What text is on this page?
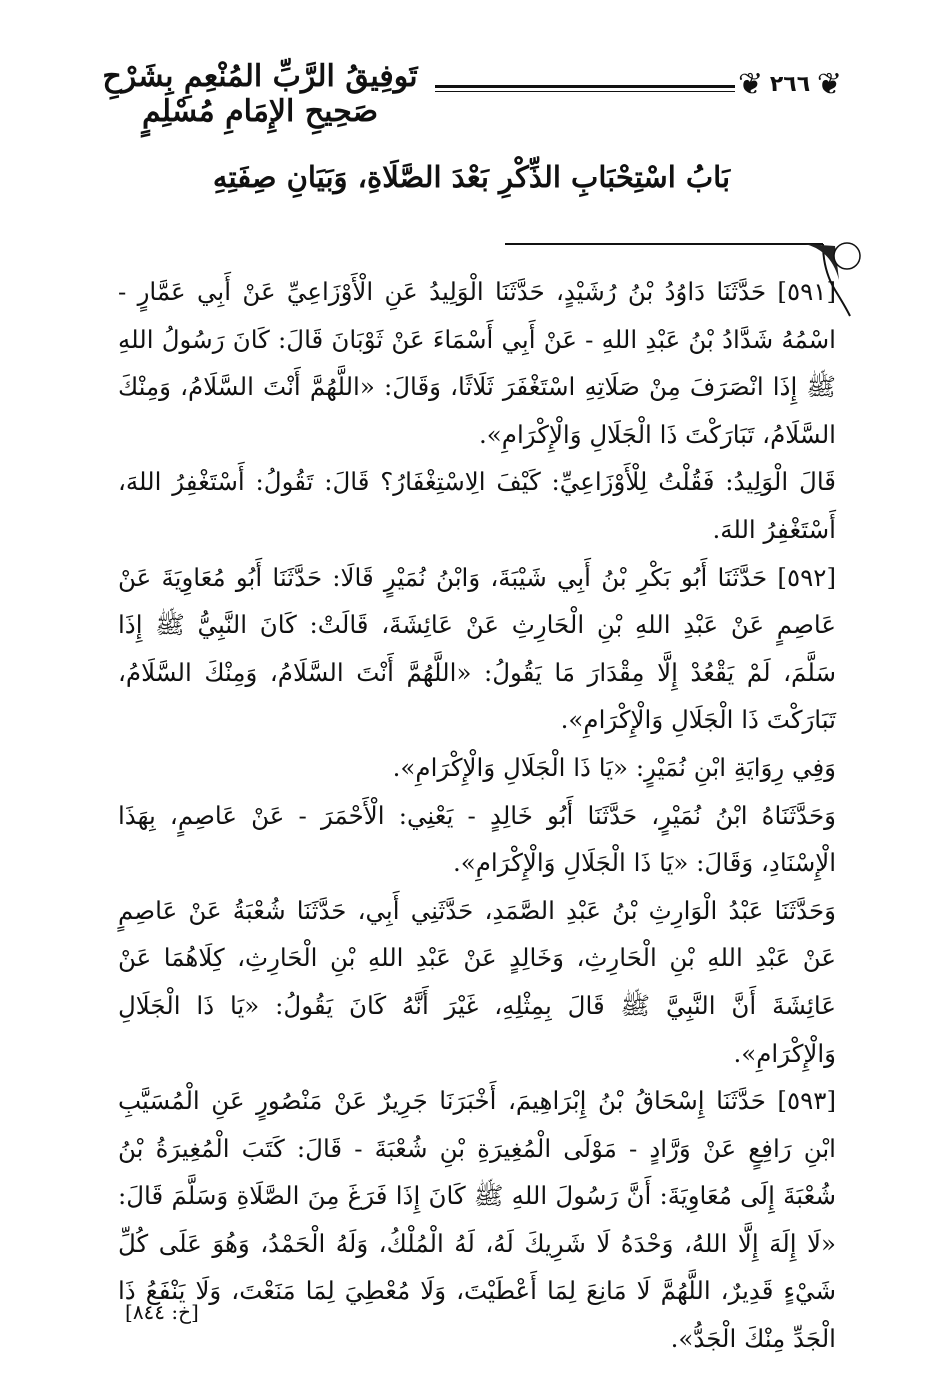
تَوفِيقُ الرَّبِّ المُنْعِمِ بِشَرْحِ صَحِيحِ الإِمَامِ مُسْلِمٍ
❦ ٢٦٦ ❦
بَابُ اسْتِحْبَابِ الذِّكْرِ بَعْدَ الصَّلَاةِ، وَبَيَانِ صِفَتِهِ

[٥٩١] حَدَّثَنَا دَاوُدُ بْنُ رُشَيْدٍ، حَدَّثَنَا الْوَلِيدُ عَنِ الْأَوْزَاعِيِّ عَنْ أَبِي عَمَّارٍ - اسْمُهُ شَدَّادُ بْنُ عَبْدِ اللهِ - عَنْ أَبِي أَسْمَاءَ عَنْ ثَوْبَانَ قَالَ: كَانَ رَسُولُ اللهِ ﷺ إِذَا انْصَرَفَ مِنْ صَلَاتِهِ اسْتَغْفَرَ ثَلَاثًا، وَقَالَ: «اللَّهُمَّ أَنْتَ السَّلَامُ، وَمِنْكَ السَّلَامُ، تَبَارَكْتَ ذَا الْجَلَالِ وَالْإِكْرَامِ».

قَالَ الْوَلِيدُ: فَقُلْتُ لِلْأَوْزَاعِيِّ: كَيْفَ الِاسْتِغْفَارُ؟ قَالَ: تَقُولُ: أَسْتَغْفِرُ اللهَ، أَسْتَغْفِرُ اللهَ.

[٥٩٢] حَدَّثَنَا أَبُو بَكْرِ بْنُ أَبِي شَيْبَةَ، وَابْنُ نُمَيْرٍ قَالَا: حَدَّثَنَا أَبُو مُعَاوِيَةَ عَنْ عَاصِمٍ عَنْ عَبْدِ اللهِ بْنِ الْحَارِثِ عَنْ عَائِشَةَ، قَالَتْ: كَانَ النَّبِيُّ ﷺ إِذَا سَلَّمَ، لَمْ يَقْعُدْ إِلَّا مِقْدَارَ مَا يَقُولُ: «اللَّهُمَّ أَنْتَ السَّلَامُ، وَمِنْكَ السَّلَامُ، تَبَارَكْتَ ذَا الْجَلَالِ وَالْإِكْرَامِ».

وَفِي رِوَايَةِ ابْنِ نُمَيْرٍ: «يَا ذَا الْجَلَالِ وَالْإِكْرَامِ».

وَحَدَّثَنَاهُ ابْنُ نُمَيْرٍ، حَدَّثَنَا أَبُو خَالِدٍ - يَعْنِي: الْأَحْمَرَ - عَنْ عَاصِمٍ، بِهَذَا الْإِسْنَادِ، وَقَالَ: «يَا ذَا الْجَلَالِ وَالْإِكْرَامِ».

وَحَدَّثَنَا عَبْدُ الْوَارِثِ بْنُ عَبْدِ الصَّمَدِ، حَدَّثَنِي أَبِي، حَدَّثَنَا شُعْبَةُ عَنْ عَاصِمٍ عَنْ عَبْدِ اللهِ بْنِ الْحَارِثِ، وَخَالِدٍ عَنْ عَبْدِ اللهِ بْنِ الْحَارِثِ، كِلَاهُمَا عَنْ عَائِشَةَ أَنَّ النَّبِيَّ ﷺ قَالَ بِمِثْلِهِ، غَيْرَ أَنَّهُ كَانَ يَقُولُ: «يَا ذَا الْجَلَالِ وَالْإِكْرَامِ».

[٥٩٣] حَدَّثَنَا إِسْحَاقُ بْنُ إِبْرَاهِيمَ، أَخْبَرَنَا جَرِيرٌ عَنْ مَنْصُورٍ عَنِ الْمُسَيَّبِ ابْنِ رَافِعٍ عَنْ وَرَّادٍ - مَوْلَى الْمُغِيرَةِ بْنِ شُعْبَةَ - قَالَ: كَتَبَ الْمُغِيرَةُ بْنُ شُعْبَةَ إِلَى مُعَاوِيَةَ: أَنَّ رَسُولَ اللهِ ﷺ كَانَ إِذَا فَرَغَ مِنَ الصَّلَاةِ وَسَلَّمَ قَالَ: «لَا إِلَهَ إِلَّا اللهُ، وَحْدَهُ لَا شَرِيكَ لَهُ، لَهُ الْمُلْكُ، وَلَهُ الْحَمْدُ، وَهُوَ عَلَى كُلِّ شَيْءٍ قَدِيرٌ، اللَّهُمَّ لَا مَانِعَ لِمَا أَعْطَيْتَ، وَلَا مُعْطِيَ لِمَا مَنَعْتَ، وَلَا يَنْفَعُ ذَا الْجَدِّ مِنْكَ الْجَدُّ».

[خ: ٨٤٤]
